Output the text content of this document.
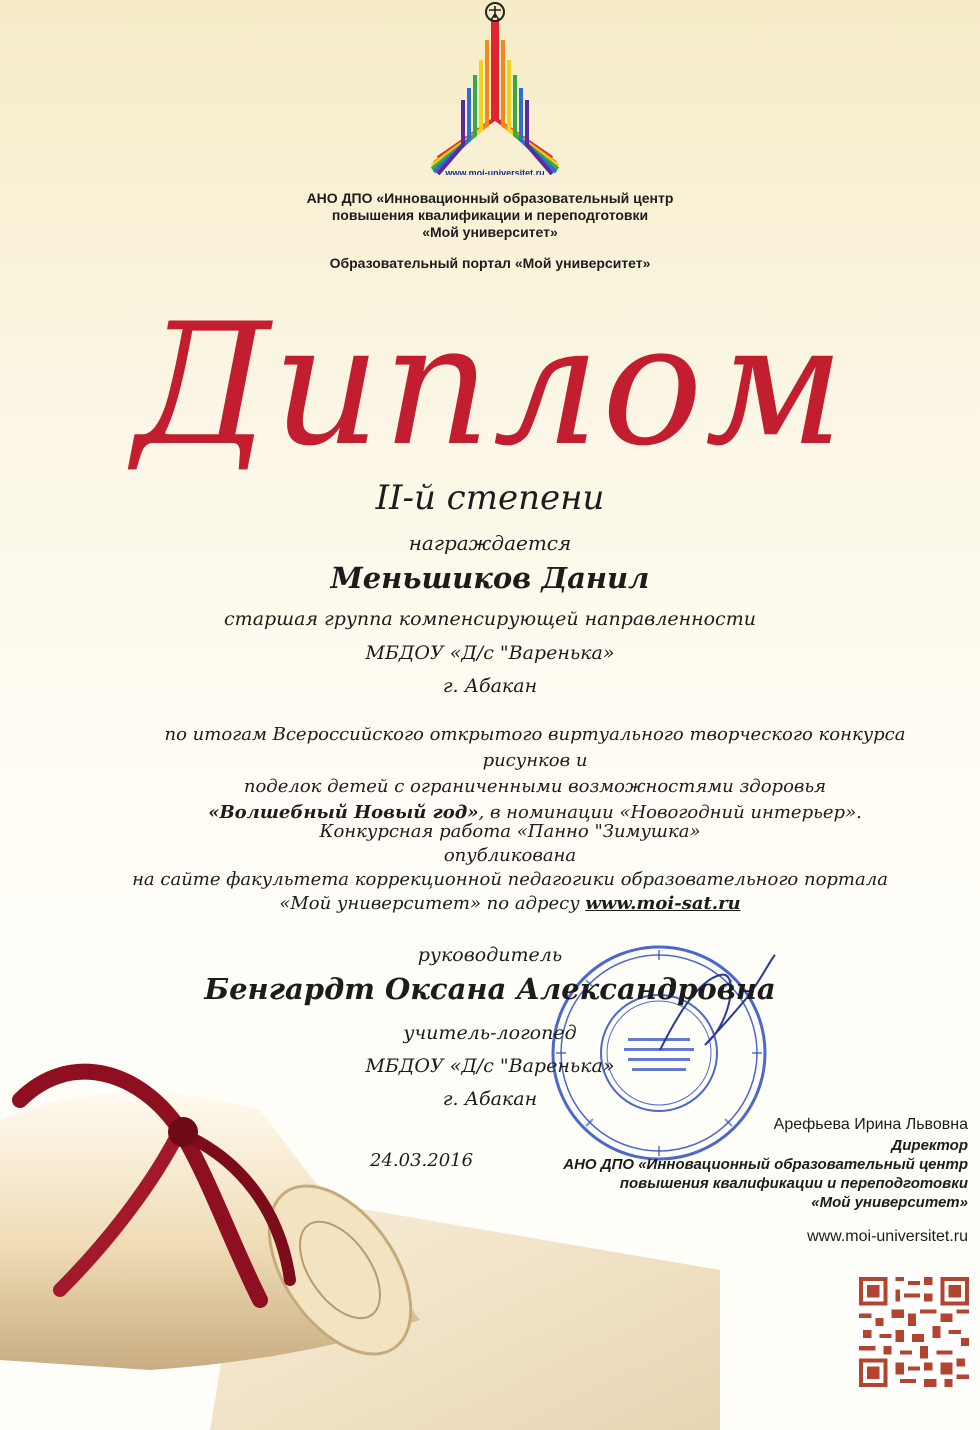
www.moi-universitet.ru
АНО ДПО «Инновационный образовательный центр
повышения квалификации и переподготовки
«Мой университет»
Образовательный портал «Мой университет»
Диплом
II-й степени
награждается
Меньшиков Данил
старшая группа компенсирующей направленности
МБДОУ «Д/с "Варенька»
г. Абакан
по итогам Всероссийского открытого виртуального творческого конкурса рисунков и
поделок детей с ограниченными возможностями здоровья
«Волшебный Новый год», в номинации «Новогодний интерьер».
Конкурсная работа «Панно "Зимушка»
опубликована
на сайте факультета коррекционной педагогики образовательного портала
«Мой университет» по адресу www.moi-sat.ru
руководитель
Бенгардт Оксана Александровна
учитель-логопед
МБДОУ «Д/с "Варенька»
г. Абакан
24.03.2016
Арефьева Ирина Львовна
Директор
АНО ДПО «Инновационный образовательный центр
повышения квалификации и переподготовки
«Мой университет»
www.moi-universitet.ru
